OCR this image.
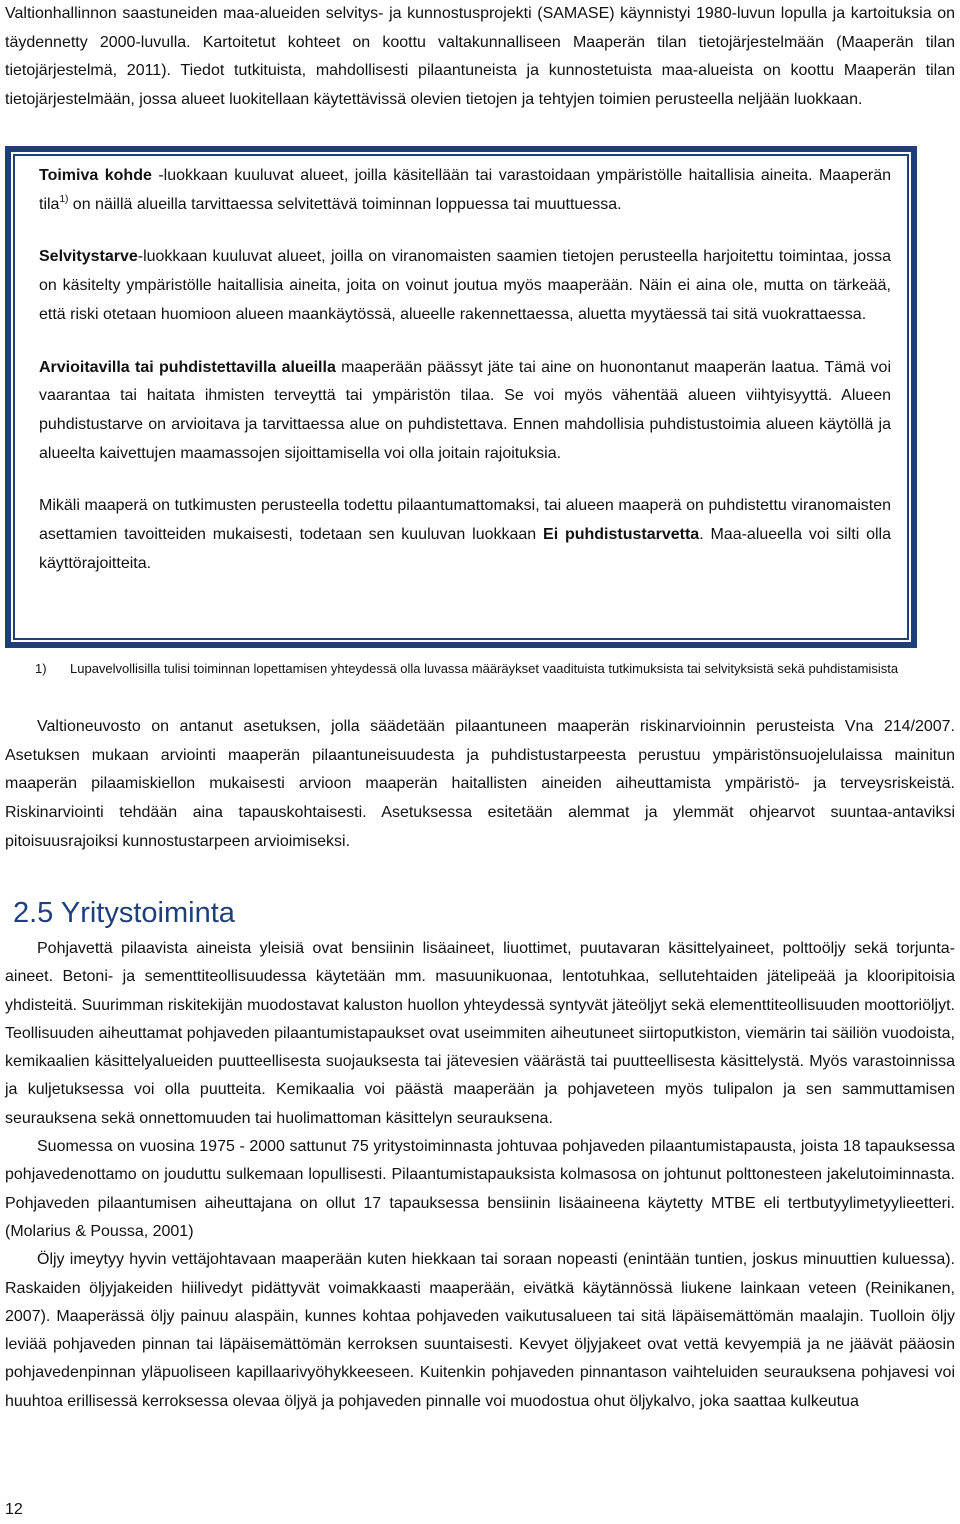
Valtionhallinnon saastuneiden maa-alueiden selvitys- ja kunnostusprojekti (SAMASE) käynnistyi 1980-luvun lopulla ja kartoituksia on täydennetty 2000-luvulla. Kartoitetut kohteet on koottu valtakunnalliseen Maaperän tilan tietojärjestelmään (Maaperän tilan tietojärjestelmä, 2011). Tiedot tutkituista, mahdollisesti pilaantuneista ja kunnostetuista maa-alueista on koottu Maaperän tilan tietojärjestelmään, jossa alueet luokitellaan käytettävissä olevien tietojen ja tehtyjen toimien perusteella neljään luokkaan.

Toimiva kohde -luokkaan kuuluvat alueet, joilla käsitellään tai varastoidaan ympäristölle haitallisia aineita. Maaperän tila$^{1)}$ on näillä alueilla tarvittaessa selvitettävä toiminnan loppuessa tai muuttuessa.

Selvitystarve-luokkaan kuuluvat alueet, joilla on viranomaisten saamien tietojen perusteella harjoitettu toimintaa, jossa on käsitelty ympäristölle haitallisia aineita, joita on voinut joutua myös maaperään. Näin ei aina ole, mutta on tärkeää, että riski otetaan huomioon alueen maankäytössä, alueelle rakennettaessa, aluetta myytäessä tai sitä vuokrattaessa.

Arvioitavilla tai puhdistettavilla alueilla maaperään päässyt jäte tai aine on huonontanut maaperän laatua. Tämä voi vaarantaa tai haitata ihmisten terveyttä tai ympäristön tilaa. Se voi myös vähentää alueen viihtyisyyttä. Alueen puhdistustarve on arvioitava ja tarvittaessa alue on puhdistettava. Ennen mahdollisia puhdistustoimia alueen käytöllä ja alueelta kaivettujen maamassojen sijoittamisella voi olla joitain rajoituksia.

Mikäli maaperä on tutkimusten perusteella todettu pilaantumattomaksi, tai alueen maaperä on puhdistettu viranomaisten asettamien tavoitteiden mukaisesti, todetaan sen kuuluvan luokkaan Ei puhdistustarvetta. Maa-alueella voi silti olla käyttörajoitteita.

1)	Lupavelvollisilla tulisi toiminnan lopettamisen yhteydessä olla luvassa määräykset vaadituista tutkimuksista tai selvityksistä sekä puhdistamisista

Valtioneuvosto on antanut asetuksen, jolla säädetään pilaantuneen maaperän riskinarvioinnin perusteista Vna 214/2007. Asetuksen mukaan arviointi maaperän pilaantuneisuudesta ja puhdistustarpeesta perustuu ympäristönsuojelulaissa mainitun maaperän pilaamiskiellon mukaisesti arvioon maaperän haitallisten aineiden aiheuttamista ympäristö- ja terveysriskeistä. Riskinarviointi tehdään aina tapauskohtaisesti. Asetuksessa esitetään alemmat ja ylemmät ohjearvot suuntaa-antaviksi pitoisuusrajoiksi kunnostustarpeen arvioimiseksi.

2.5 Yritystoiminta

Pohjavettä pilaavista aineista yleisiä ovat bensiinin lisäaineet, liuottimet, puutavaran käsittelyaineet, polttoöljy sekä torjunta-aineet. Betoni- ja sementtiteollisuudessa käytetään mm. masuunikuonaa, lentotuhkaa, sellutehtaiden jätelipeää ja klooripitoisia yhdisteitä. Suurimman riskitekijän muodostavat kaluston huollon yhteydessä syntyvät jäteöljyt sekä elementtiteollisuuden moottoriöljyt. Teollisuuden aiheuttamat pohjaveden pilaantumistapaukset ovat useimmiten aiheutuneet siirtoputkiston, viemärin tai säiliön vuodoista, kemikaalien käsittelyalueiden puutteellisesta suojauksesta tai jätevesien väärästä tai puutteellisesta käsittelystä. Myös varastoinnissa ja kuljetuksessa voi olla puutteita. Kemikaalia voi päästä maaperään ja pohjaveteen myös tulipalon ja sen sammuttamisen seurauksena sekä onnettomuuden tai huolimattoman käsittelyn seurauksena.

Suomessa on vuosina 1975 - 2000 sattunut 75 yritystoiminnasta johtuvaa pohjaveden pilaantumistapausta, joista 18 tapauksessa pohjavedenottamo on jouduttu sulkemaan lopullisesti. Pilaantumistapauksista kolmasosa on johtunut polttonesteen jakelutoiminnasta. Pohjaveden pilaantumisen aiheuttajana on ollut 17 tapauksessa bensiinin lisäaineena käytetty MTBE eli tertbutyylimetyylieetteri. (Molarius & Poussa, 2001)

Öljy imeytyy hyvin vettäjohtavaan maaperään kuten hiekkaan tai soraan nopeasti (enintään tuntien, joskus minuuttien kuluessa). Raskaiden öljyjakeiden hiilivedyt pidättyvät voimakkaasti maaperään, eivätkä käytännössä liukene lainkaan veteen (Reinikanen, 2007). Maaperässä öljy painuu alaspäin, kunnes kohtaa pohjaveden vaikutusalueen tai sitä läpäisemättömän maalajin. Tuolloin öljy leviää pohjaveden pinnan tai läpäisemättömän kerroksen suuntaisesti. Kevyet öljyjakeet ovat vettä kevyempiä ja ne jäävät pääosin pohjavedenpinnan yläpuoliseen kapillaarivyöhykkeeseen. Kuitenkin pohjaveden pinnantason vaihteluiden seurauksena pohjavesi voi huuhtoa erillisessä kerroksessa olevaa öljyä ja pohjaveden pinnalle voi muodostua ohut öljykalvo, joka saattaa kulkeutua

12
